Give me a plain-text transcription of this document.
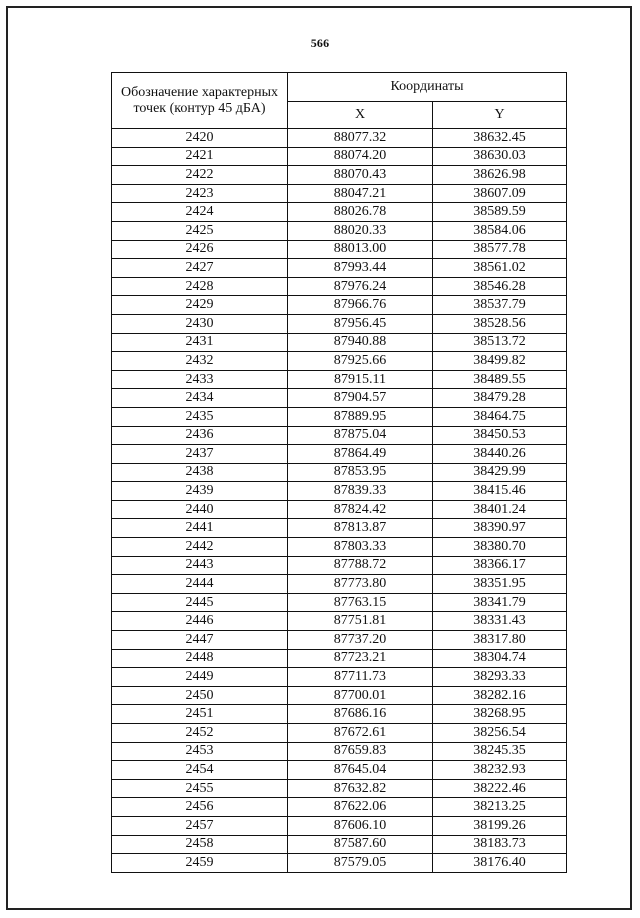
566
Обозначение характерных точек (контур 45 дБА)	Координаты	
	X	Y
2420	88077.32	38632.45
2421	88074.20	38630.03
2422	88070.43	38626.98
2423	88047.21	38607.09
2424	88026.78	38589.59
2425	88020.33	38584.06
2426	88013.00	38577.78
2427	87993.44	38561.02
2428	87976.24	38546.28
2429	87966.76	38537.79
2430	87956.45	38528.56
2431	87940.88	38513.72
2432	87925.66	38499.82
2433	87915.11	38489.55
2434	87904.57	38479.28
2435	87889.95	38464.75
2436	87875.04	38450.53
2437	87864.49	38440.26
2438	87853.95	38429.99
2439	87839.33	38415.46
2440	87824.42	38401.24
2441	87813.87	38390.97
2442	87803.33	38380.70
2443	87788.72	38366.17
2444	87773.80	38351.95
2445	87763.15	38341.79
2446	87751.81	38331.43
2447	87737.20	38317.80
2448	87723.21	38304.74
2449	87711.73	38293.33
2450	87700.01	38282.16
2451	87686.16	38268.95
2452	87672.61	38256.54
2453	87659.83	38245.35
2454	87645.04	38232.93
2455	87632.82	38222.46
2456	87622.06	38213.25
2457	87606.10	38199.26
2458	87587.60	38183.73
2459	87579.05	38176.40
